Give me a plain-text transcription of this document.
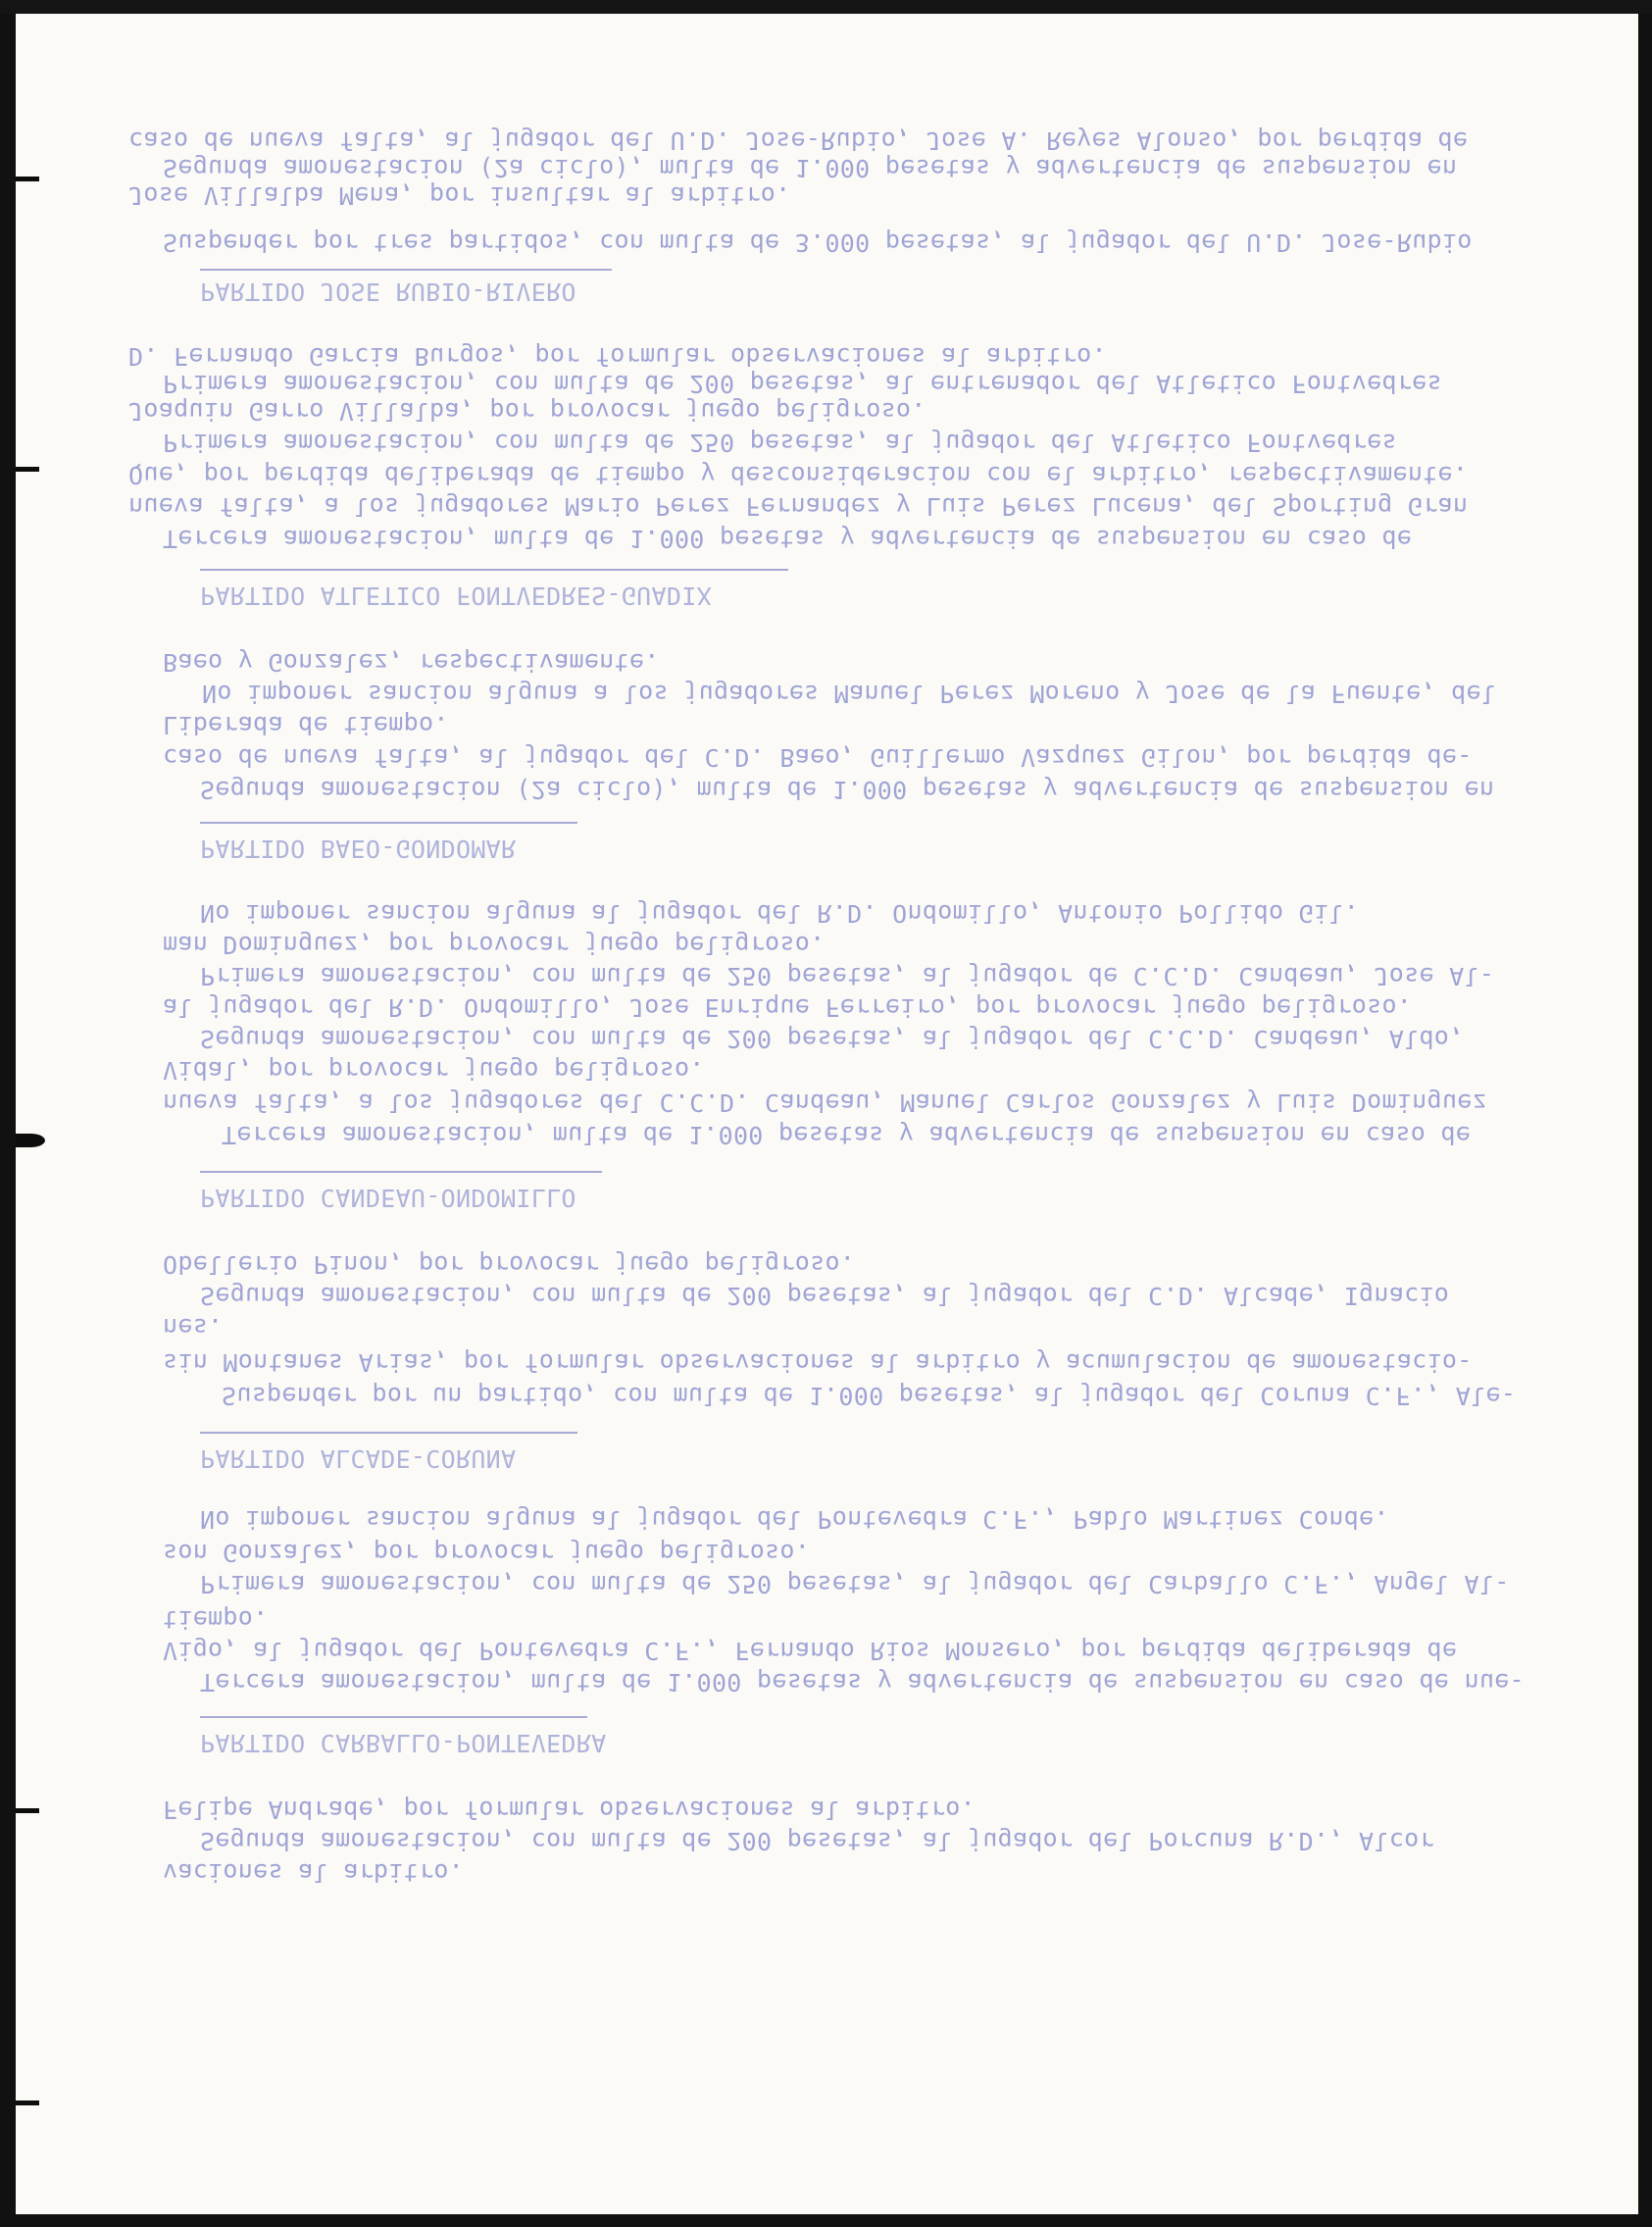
caso de nueva falta, al jugador del U.D. Jose-Rubio, Jose A. Reyes Alonso, por perdida de

Segunda amonestacion (2a ciclo), multa de 1.000 pesetas y advertencia de suspension en

Jose Villalba Mena, por insultar al arbitro.

Suspender por tres partidos, con multa de 3.000 pesetas, al jugador del U.D. Jose-Rubio

PARTIDO JOSE RUBIO-RIVERO

D. Fernando Garcia Burgos, por formular observaciones al arbitro.

Primera amonestacion, con multa de 200 pesetas, al entrenador del Atletico Fontvedres

Joaquin Garro Villalba, por provocar juego peligroso.

Primera amonestacion, con multa de 250 pesetas, al jugador del Atletico Fontvedres

Que, por perdida deliberada de tiempo y desconsideracion con el arbitro, respectivamente.

nueva falta, a los jugadores Mario Perez Fernandez y Luis Perez Lucena, del Sporting Gran

Tercera amonestacion, multa de 1.000 pesetas y advertencia de suspension en caso de

PARTIDO ATLETICO FONTVEDRES-GUADIX

Baeo y Gonzalez, respectivamente.

No imponer sancion alguna a los jugadores Manuel Perez Moreno y Jose de la Fuente, del

Liberada de tiempo.

caso de nueva falta, al jugador del C.D. Baeo, Guillermo Vazquez Gilon, por perdida de-

Segunda amonestacion (2a ciclo), multa de 1.000 pesetas y advertencia de suspension en

PARTIDO BAEO-GONDOMAR

No imponer sancion alguna al jugador del R.D. Ondomillo, Antonio Pollido Gil.

man Dominguez, por provocar juego peligroso.

Primera amonestacion, con multa de 250 pesetas, al jugador de C.C.D. Candeau, Jose Al-

al jugador del R.D. Ondomillo, Jose Enrique Ferreiro, por provocar juego peligroso.

Segunda amonestacion, con multa de 200 pesetas, al jugador del C.C.D. Candeau, Aldo,

Vidal, por provocar juego peligroso.

nueva falta, a los jugadores del C.C.D. Candeau, Manuel Carlos Gonzalez y Luis Dominguez

Tercera amonestacion, multa de 1.000 pesetas y advertencia de suspension en caso de

PARTIDO CANDEAU-ONDOMILLO

Obellerio Pinon, por provocar juego peligroso.

Segunda amonestacion, con multa de 200 pesetas, al jugador del C.D. Alcade, Ignacio

nes.

sin Montanes Arias, por formular observaciones al arbitro y acumulacion de amonestacio-

Suspender por un partido, con multa de 1.000 pesetas, al jugador del Coruna C.F., Ale-

PARTIDO ALCADE-CORUNA

No imponer sancion alguna al jugador del Pontevedra C.F., Pablo Martinez Conde.

son Gonzalez, por provocar juego peligroso.

Primera amonestacion, con multa de 250 pesetas, al jugador del Carballo C.F., Angel Al-

tiempo.

Vigo, al jugador del Pontevedra C.F., Fernando Rios Monsero, por perdida deliberada de

Tercera amonestacion, multa de 1.000 pesetas y advertencia de suspension en caso de nue-

PARTIDO CARBALLO-PONTEVEDRA

Felipe Andrade, por formular observaciones al arbitro.

Segunda amonestacion, con multa de 200 pesetas, al jugador del Porcuna R.D., Alcor

vaciones al arbitro.
